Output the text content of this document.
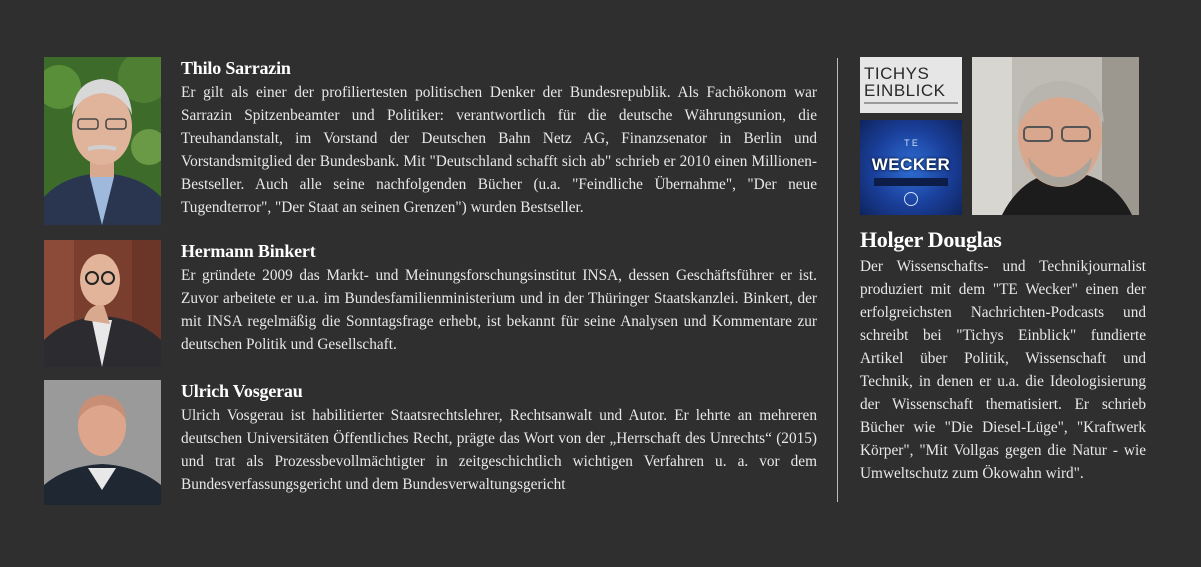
Thilo Sarrazin

Er gilt als einer der profiliertesten politischen Denker der Bundesrepublik. Als Fachökonom war Sarrazin Spitzenbeamter und Politiker: verantwortlich für die deutsche Währungsunion, die Treuhandanstalt, im Vorstand der Deutschen Bahn Netz AG, Finanzsenator in Berlin und Vorstandsmitglied der Bundesbank. Mit "Deutschland schafft sich ab" schrieb er 2010 einen Millionen-Bestseller. Auch alle seine nachfolgenden Bücher (u.a. "Feindliche Übernahme", "Der neue Tugendterror", "Der Staat an seinen Grenzen") wurden Bestseller.

Hermann Binkert

Er gründete 2009 das Markt- und Meinungsforschungsinstitut INSA, dessen Geschäftsführer er ist. Zuvor arbeitete er u.a. im Bundesfamilienministerium und in der Thüringer Staatskanzlei. Binkert, der mit INSA regelmäßig die Sonntagsfrage erhebt, ist bekannt für seine Analysen und Kommentare zur deutschen Politik und Gesellschaft.

Ulrich Vosgerau

Ulrich Vosgerau ist habilitierter Staatsrechtslehrer, Rechtsanwalt und Autor. Er lehrte an mehreren deutschen Universitäten Öffentliches Recht, prägte das Wort von der „Herrschaft des Unrechts“ (2015) und trat als Prozessbevollmächtigter in zeitgeschichtlich wichtigen Verfahren u. a. vor dem Bundesverfassungsgericht und dem Bundesverwaltungsgericht

TICHYS
EINBLICK
T E
WECKER

Holger Douglas

Der Wissenschafts- und Technikjournalist produziert mit dem "TE Wecker" einen der erfolgreichsten Nachrichten-Podcasts und schreibt bei "Tichys Einblick" fundierte Artikel über Politik, Wissenschaft und Technik, in denen er u.a. die Ideologisierung der Wissenschaft thematisiert. Er schrieb Bücher wie "Die Diesel-Lüge", "Kraftwerk Körper", "Mit Vollgas gegen die Natur - wie Umweltschutz zum Ökowahn wird".
